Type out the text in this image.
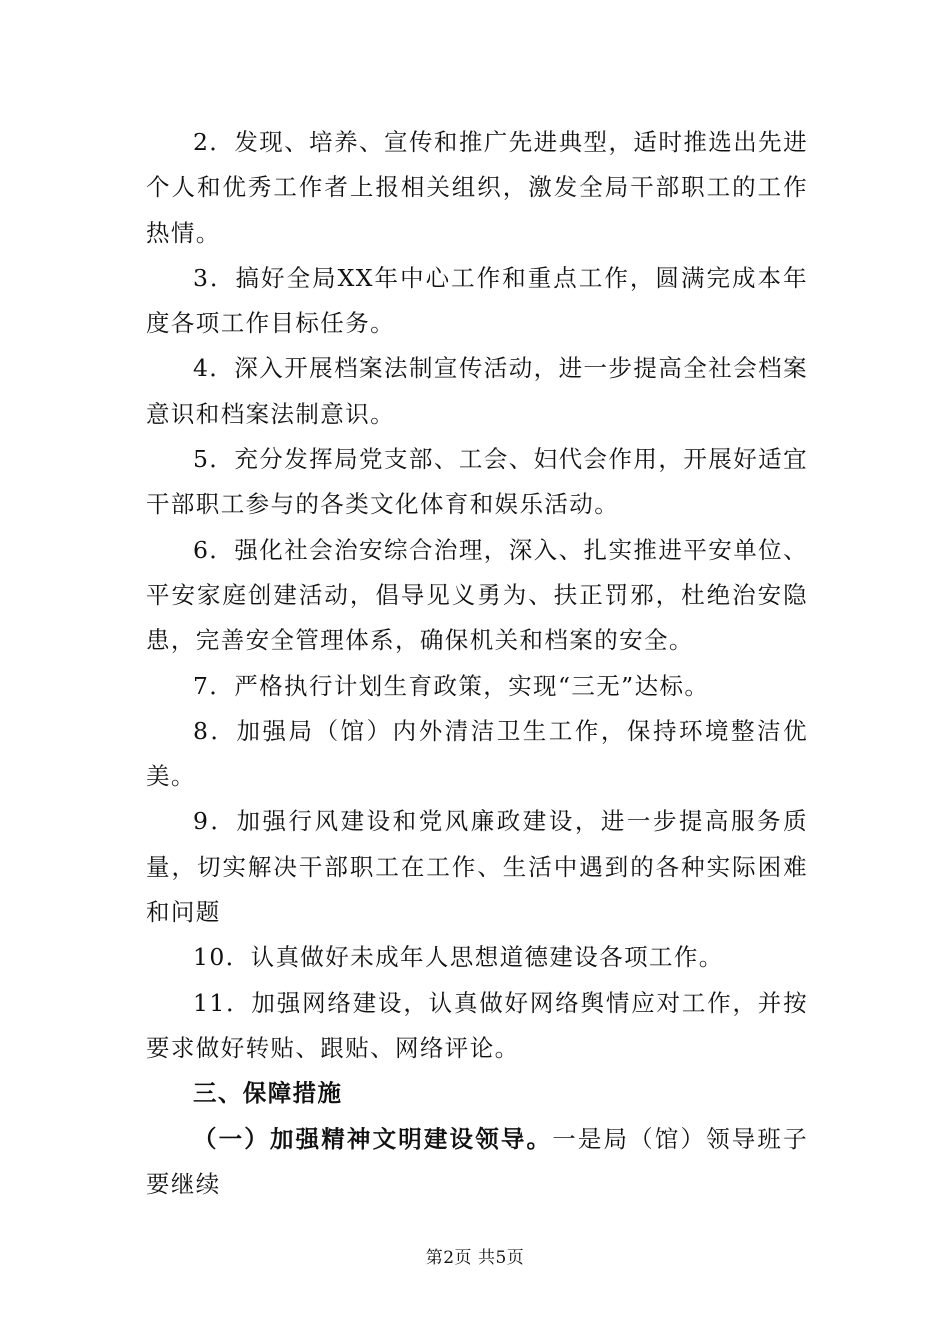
2．发现、培养、宣传和推广先进典型，适时推选出先进个人和优秀工作者上报相关组织，激发全局干部职工的工作热情。

3．搞好全局XX年中心工作和重点工作，圆满完成本年度各项工作目标任务。

4．深入开展档案法制宣传活动，进一步提高全社会档案意识和档案法制意识。

5．充分发挥局党支部、工会、妇代会作用，开展好适宜干部职工参与的各类文化体育和娱乐活动。

6．强化社会治安综合治理，深入、扎实推进平安单位、平安家庭创建活动，倡导见义勇为、扶正罚邪，杜绝治安隐患，完善安全管理体系，确保机关和档案的安全。

7．严格执行计划生育政策，实现“三无”达标。

8．加强局（馆）内外清洁卫生工作，保持环境整洁优美。

9．加强行风建设和党风廉政建设，进一步提高服务质量，切实解决干部职工在工作、生活中遇到的各种实际困难和问题

10．认真做好未成年人思想道德建设各项工作。

11．加强网络建设，认真做好网络舆情应对工作，并按要求做好转贴、跟贴、网络评论。

三、保障措施

（一）加强精神文明建设领导。一是局（馆）领导班子要继续

第2页 共5页
